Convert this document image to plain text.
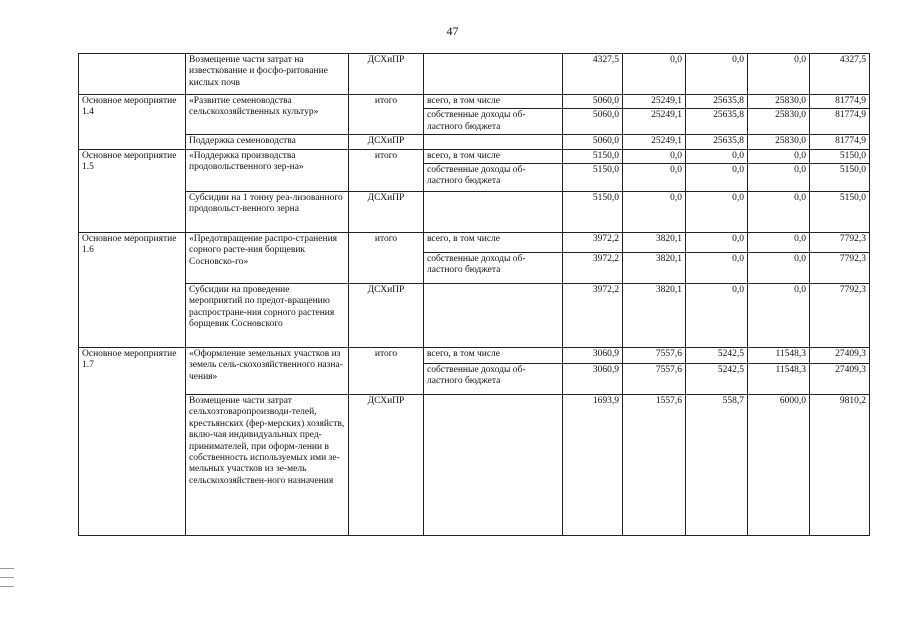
47
	Возмещение части затрат на известкование и фосфо-ритование кислых почв	ДСХиПР		4327,5	0,0	0,0	0,0	4327,5
Основное мероприятие 1.4	«Развитие семеноводства сельскохозяйственных культур»	итого	всего, в том числе	5060,0	25249,1	25635,8	25830,0	81774,9
			собственные доходы об-ластного бюджета	5060,0	25249,1	25635,8	25830,0	81774,9
	Поддержка семеноводства	ДСХиПР		5060,0	25249,1	25635,8	25830,0	81774,9
Основное мероприятие 1.5	«Поддержка производства продовольственного зер-на»	итого	всего, в том числе	5150,0	0,0	0,0	0,0	5150,0
			собственные доходы об-ластного бюджета	5150,0	0,0	0,0	0,0	5150,0
	Субсидии на 1 тонну реа-лизованного продовольст-венного зерна	ДСХиПР		5150,0	0,0	0,0	0,0	5150,0
Основное мероприятие 1.6	«Предотвращение распро-странения сорного расте-ния борщевик Сосновско-го»	итого	всего, в том числе	3972,2	3820,1	0,0	0,0	7792,3
			собственные доходы об-ластного бюджета	3972,2	3820,1	0,0	0,0	7792,3
	Субсидии на проведение мероприятий по предот-вращению распростране-ния сорного растения борщевик Сосновского	ДСХиПР		3972,2	3820,1	0,0	0,0	7792,3
Основное мероприятие 1.7	«Оформление земельных участков из земель сель-скохозяйственного назна-чения»	итого	всего, в том числе	3060,9	7557,6	5242,5	11548,3	27409,3
			собственные доходы об-ластного бюджета	3060,9	7557,6	5242,5	11548,3	27409,3
	Возмещение части затрат сельхозтоваропроизводи-телей, крестьянских (фер-мерских) хозяйств, вклю-чая индивидуальных пред-принимателей, при оформ-лении в собственность используемых ими зе-мельных участков из зе-мель сельскохозяйствен-ного назначения	ДСХиПР		1693,9	1557,6	558,7	6000,0	9810,2
